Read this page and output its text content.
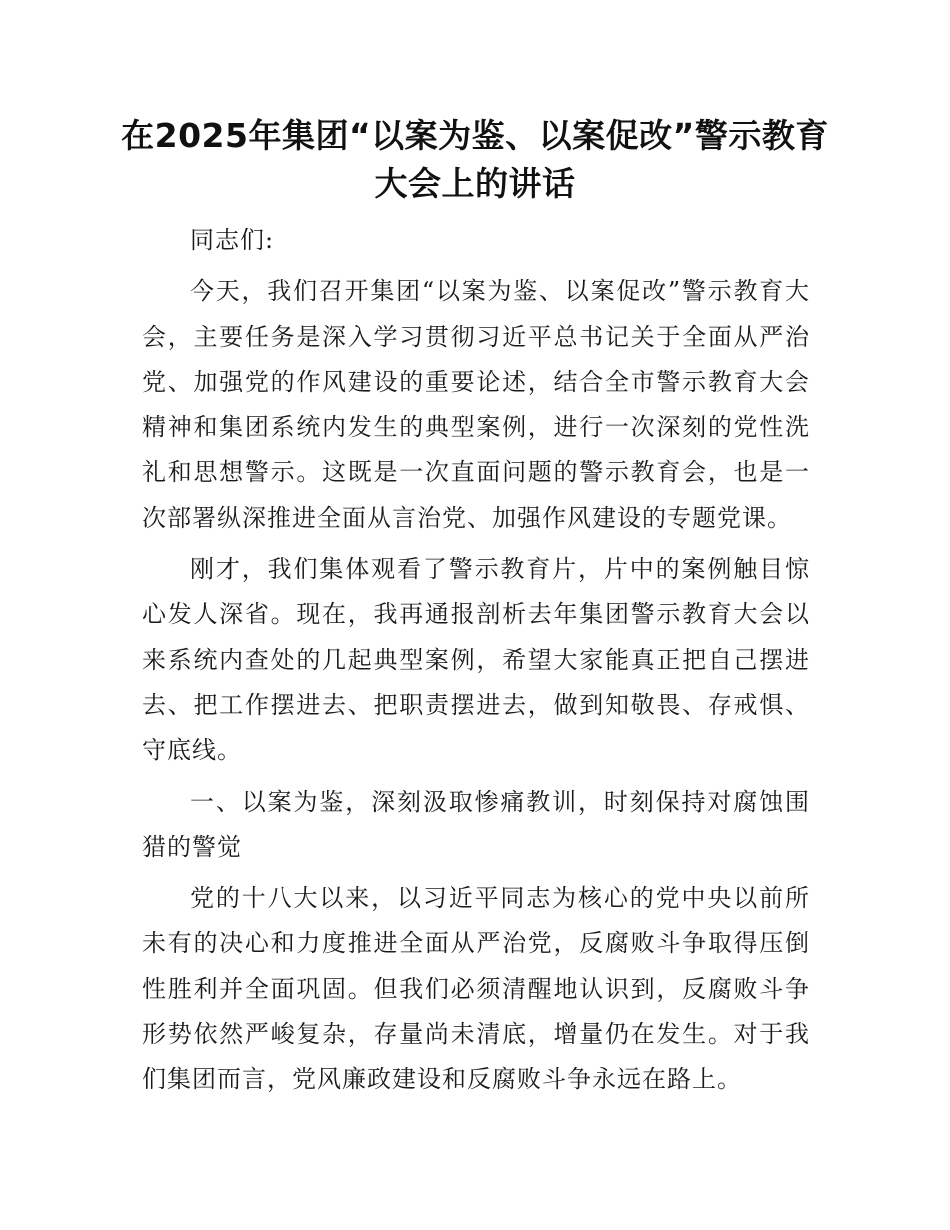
在2025年集团“以案为鉴、以案促改”警示教育大会上的讲话

同志们:

今天，我们召开集团“以案为鉴、以案促改”警示教育大会，主要任务是深入学习贯彻习近平总书记关于全面从严治党、加强党的作风建设的重要论述，结合全市警示教育大会精神和集团系统内发生的典型案例，进行一次深刻的党性洗礼和思想警示。这既是一次直面问题的警示教育会，也是一次部署纵深推进全面从言治党、加强作风建设的专题党课。

刚才，我们集体观看了警示教育片，片中的案例触目惊心发人深省。现在，我再通报剖析去年集团警示教育大会以来系统内查处的几起典型案例，希望大家能真正把自己摆进去、把工作摆进去、把职责摆进去，做到知敬畏、存戒惧、守底线。

一、以案为鉴，深刻汲取惨痛教训，时刻保持对腐蚀围猎的警觉

党的十八大以来，以习近平同志为核心的党中央以前所未有的决心和力度推进全面从严治党，反腐败斗争取得压倒性胜利并全面巩固。但我们必须清醒地认识到，反腐败斗争形势依然严峻复杂，存量尚未清底，增量仍在发生。对于我们集团而言，党风廉政建设和反腐败斗争永远在路上。
